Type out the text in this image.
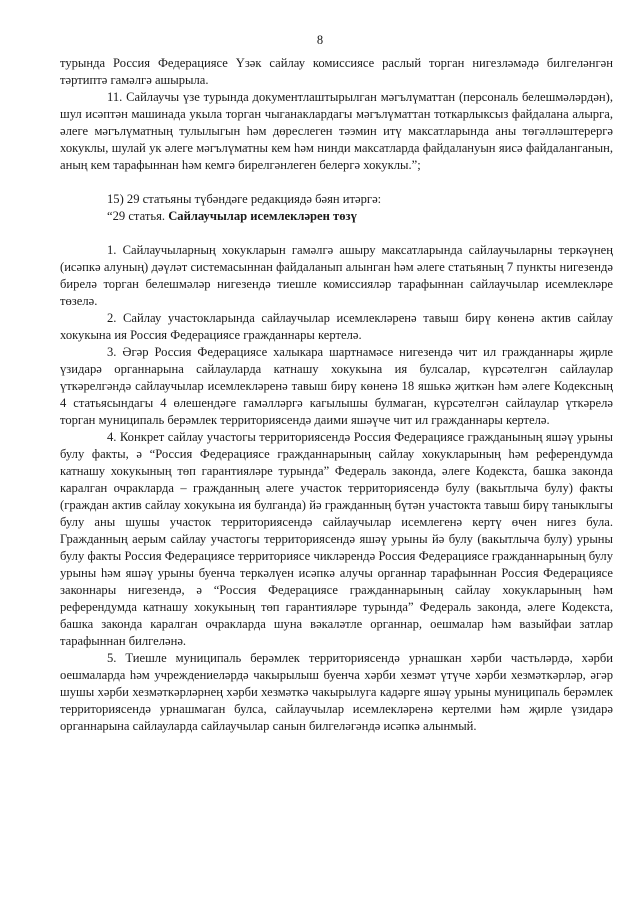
8

турында Россия Федерациясе Үзәк сайлау комиссиясе раслый торган нигезләмәдә билгеләнгән тәртиптә гамәлгә ашырыла.

11. Сайлаучы үзе турында документлаштырылган мәгълүматтан (персональ белешмәләрдән), шул исәптән машинада укыла торган чыганаклардагы мәгълүматтан тоткарлыксыз файдалана алырга, әлеге мәгълүматның тулылыгын һәм дөреслеген тәэмин итү максатларында аны төгәлләштерергә хокуклы, шулай ук әлеге мәгълүматны кем һәм нинди максатларда файдалануын яисә файдаланганын, аның кем тарафыннан һәм кемгә бирелгәнлеген белергә хокуклы.”;

15) 29 статьяны түбәндәге редакциядә бәян итәргә:

“29 статья. Сайлаучылар исемлекләрен төзү

1. Сайлаучыларның хокукларын гамәлгә ашыру максатларында сайлаучыларны теркәүнең (исәпкә алуның) дәүләт системасыннан файдаланып алынган һәм әлеге статьяның 7 пункты нигезендә бирелә торган белешмәләр нигезендә тиешле комиссияләр тарафыннан сайлаучылар исемлекләре төзелә.

2. Сайлау участокларында сайлаучылар исемлекләренә тавыш бирү көненә актив сайлау хокукына ия Россия Федерациясе гражданнары кертелә.

3. Әгәр Россия Федерациясе халыкара шартнамәсе нигезендә чит ил гражданнары җирле үзидарә органнарына сайлауларда катнашу хокукына ия булсалар, күрсәтелгән сайлаулар үткәрелгәндә сайлаучылар исемлекләренә тавыш бирү көненә 18 яшькә җиткән һәм әлеге Кодексның 4 статьясындагы 4 өлешендәге гамәлләргә кагылышы булмаган, күрсәтелгән сайлаулар үткәрелә торган муниципаль берәмлек территориясендә даими яшәүче чит ил гражданнары кертелә.

4. Конкрет сайлау участогы территориясендә Россия Федерациясе гражданының яшәү урыны булу факты, ә “Россия Федерациясе гражданнарының сайлау хокукларының һәм референдумда катнашу хокукының төп гарантияләре турында” Федераль законда, әлеге Кодекста, башка законда каралган очракларда – гражданның әлеге участок территориясендә булу (вакытлыча булу) факты (граждан актив сайлау хокукына ия булганда) йә гражданның бүтән участокта тавыш бирү таныклыгы булу аны шушы участок территориясендә сайлаучылар исемлегенә кертү өчен нигез була. Гражданның аерым сайлау участогы территориясендә яшәү урыны йә булу (вакытлыча булу) урыны булу факты Россия Федерациясе территориясе чикләрендә Россия Федерациясе гражданнарының булу урыны һәм яшәү урыны буенча теркәлүен исәпкә алучы органнар тарафыннан Россия Федерациясе законнары нигезендә, ә “Россия Федерациясе гражданнарының сайлау хокукларының һәм референдумда катнашу хокукының төп гарантияләре турында” Федераль законда, әлеге Кодекста, башка законда каралган очракларда шуна вәкаләтле органнар, оешмалар һәм вазыйфаи затлар тарафыннан билгеләнә.

5. Тиешле муниципаль берәмлек территориясендә урнашкан хәрби частьләрдә, хәрби оешмаларда һәм учреждениеләрдә чакырылыш буенча хәрби хезмәт үтүче хәрби хезмәткәрләр, әгәр шушы хәрби хезмәткәрләрнең хәрби хезмәткә чакырылуга кадәрге яшәү урыны муниципаль берәмлек территориясендә урнашмаган булса, сайлаучылар исемлекләренә кертелми һәм җирле үзидарә органнарына сайлауларда сайлаучылар санын билгеләгәндә исәпкә алынмый.
